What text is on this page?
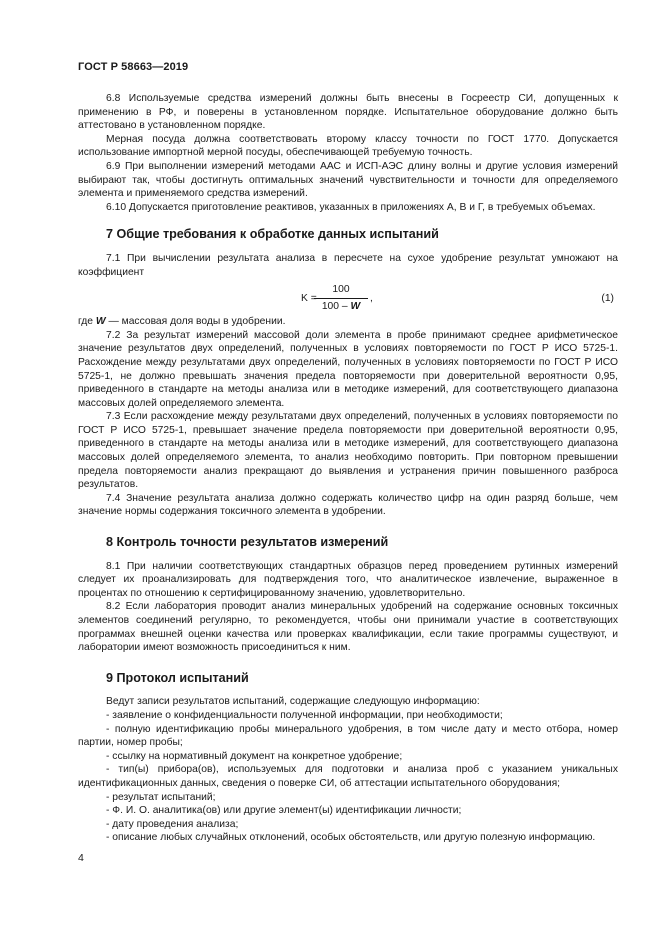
ГОСТ Р 58663—2019

6.8 Используемые средства измерений должны быть внесены в Госреестр СИ, допущенных к применению в РФ, и поверены в установленном порядке. Испытательное оборудование должно быть аттестовано в установленном порядке.

Мерная посуда должна соответствовать второму классу точности по ГОСТ 1770. Допускается использование импортной мерной посуды, обеспечивающей требуемую точность.

6.9 При выполнении измерений методами ААС и ИСП-АЭС длину волны и другие условия измерений выбирают так, чтобы достигнуть оптимальных значений чувствительности и точности для определяемого элемента и применяемого средства измерений.

6.10 Допускается приготовление реактивов, указанных в приложениях А, В и Г, в требуемых объемах.

7 Общие требования к обработке данных испытаний

7.1 При вычислении результата анализа в пересчете на сухое удобрение результат умножают на коэффициент

K =
$\frac{100}{100 - W}$ ,	(1)

где W — массовая доля воды в удобрении.

7.2 За результат измерений массовой доли элемента в пробе принимают среднее арифметическое значение результатов двух определений, полученных в условиях повторяемости по ГОСТ Р ИСО 5725-1. Расхождение между результатами двух определений, полученных в условиях повторяемости по ГОСТ Р ИСО 5725-1, не должно превышать значения предела повторяемости при доверительной вероятности 0,95, приведенного в стандарте на методы анализа или в методике измерений, для соответствующего диапазона массовых долей определяемого элемента.

7.3 Если расхождение между результатами двух определений, полученных в условиях повторяемости по ГОСТ Р ИСО 5725-1, превышает значение предела повторяемости при доверительной вероятности 0,95, приведенного в стандарте на методы анализа или в методике измерений, для соответствующего диапазона массовых долей определяемого элемента, то анализ необходимо повторить. При повторном превышении предела повторяемости анализ прекращают до выявления и устранения причин повышенного разброса результатов.

7.4 Значение результата анализа должно содержать количество цифр на один разряд больше, чем значение нормы содержания токсичного элемента в удобрении.

8 Контроль точности результатов измерений

8.1 При наличии соответствующих стандартных образцов перед проведением рутинных измерений следует их проанализировать для подтверждения того, что аналитическое извлечение, выраженное в процентах по отношению к сертифицированному значению, удовлетворительно.

8.2 Если лаборатория проводит анализ минеральных удобрений на содержание основных токсичных элементов соединений регулярно, то рекомендуется, чтобы они принимали участие в соответствующих программах внешней оценки качества или проверках квалификации, если такие программы существуют, и лаборатории имеют возможность присоединиться к ним.

9 Протокол испытаний

Ведут записи результатов испытаний, содержащие следующую информацию:

- заявление о конфиденциальности полученной информации, при необходимости;

- полную идентификацию пробы минерального удобрения, в том числе дату и место отбора, номер партии, номер пробы;

- ссылку на нормативный документ на конкретное удобрение;

- тип(ы) прибора(ов), используемых для подготовки и анализа проб с указанием уникальных идентификационных данных, сведения о поверке СИ, об аттестации испытательного оборудования;

- результат испытаний;

- Ф. И. О. аналитика(ов) или другие элемент(ы) идентификации личности;

- дату проведения анализа;

- описание любых случайных отклонений, особых обстоятельств, или другую полезную информацию.

4
